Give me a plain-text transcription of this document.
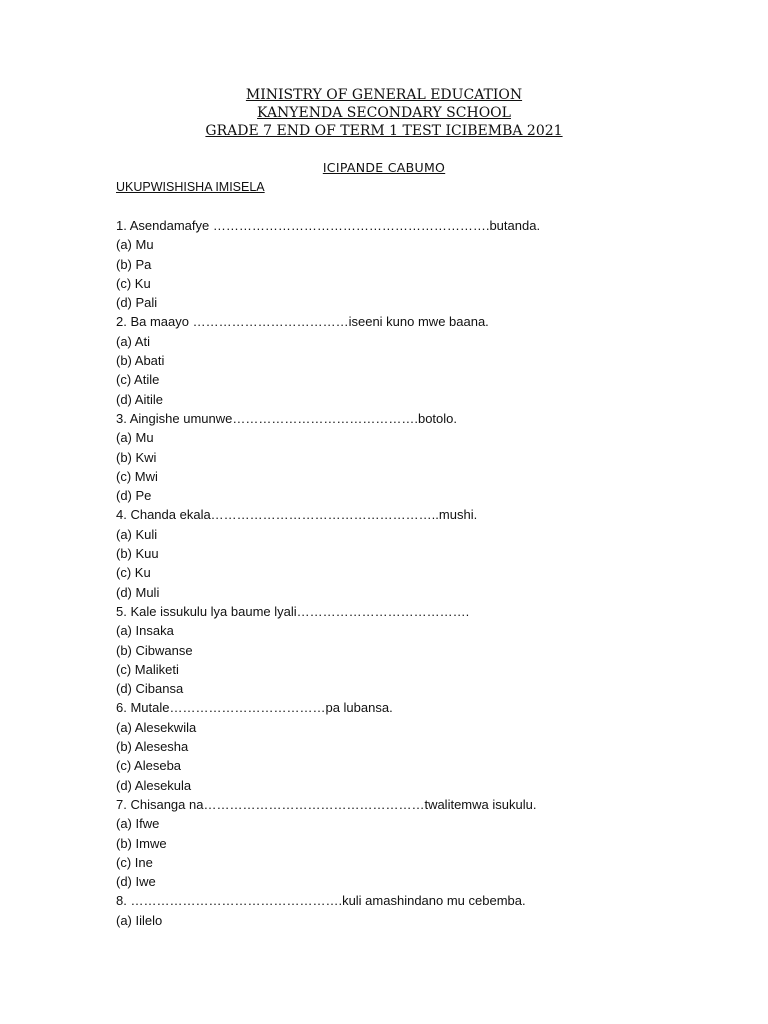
MINISTRY OF GENERAL EDUCATION
KANYENDA SECONDARY SCHOOL
GRADE 7 END OF TERM 1 TEST ICIBEMBA 2021
ICIPANDE CABUMO
UKUPWISHISHA IMISELA
1. Asendamafye ……………………………………………………….butanda.
(a) Mu
(b) Pa
(c) Ku
(d) Pali
2. Ba maayo ………………………………iseeni kuno mwe baana.
(a) Ati
(b) Abati
(c) Atile
(d) Aitile
3. Aingishe umunwe…………………………………….botolo.
(a) Mu
(b) Kwi
(c) Mwi
(d) Pe
4. Chanda ekala……………………………………………..mushi.
(a) Kuli
(b) Kuu
(c) Ku
(d) Muli
5. Kale issukulu lya baume lyali………………………………….
(a) Insaka
(b) Cibwanse
(c) Maliketi
(d) Cibansa
6. Mutale………………………………pa lubansa.
(a) Alesekwila
(b) Alesesha
(c) Aleseba
(d) Alesekula
7. Chisanga na……………………………………………twalitemwa isukulu.
(a) Ifwe
(b) Imwe
(c) Ine
(d) Iwe
8. ………………………………………….kuli amashindano mu cebemba.
(a) Iilelo
